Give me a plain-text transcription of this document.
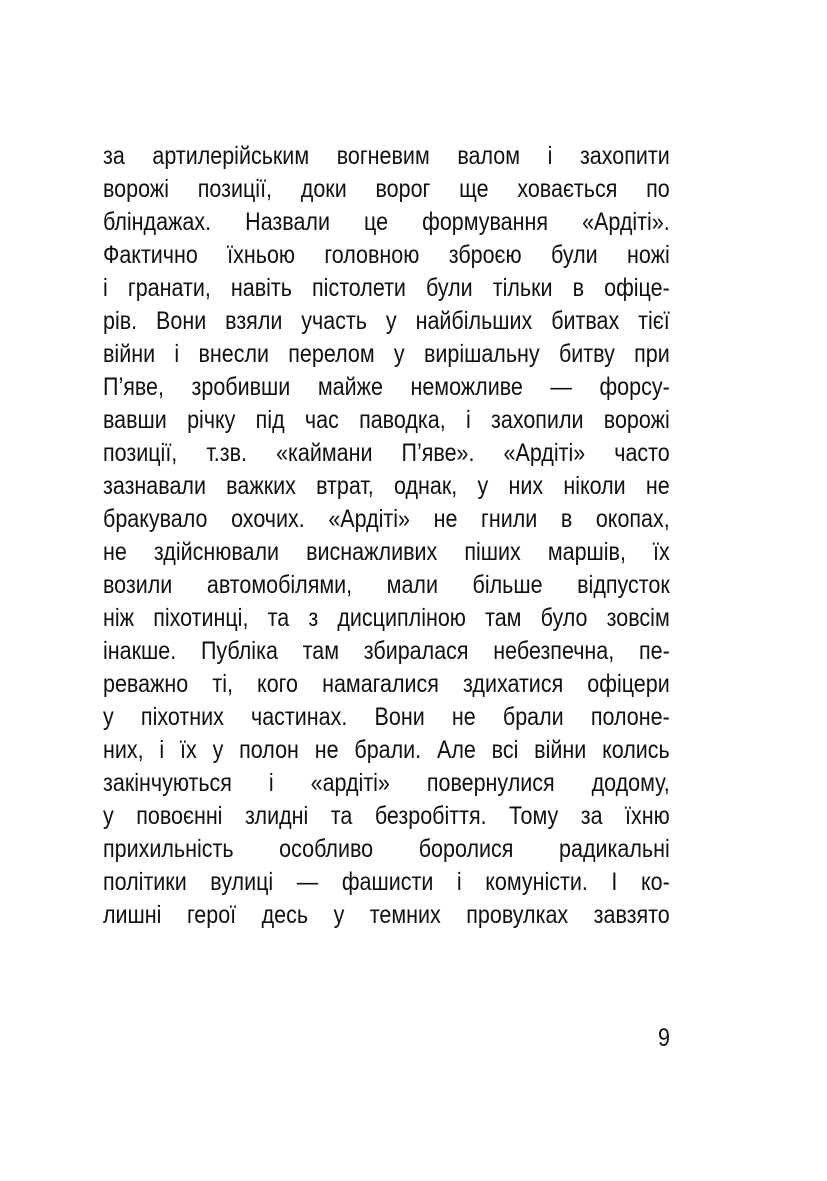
за артилерійським вогневим валом і захопити
ворожі позиції, доки ворог ще ховається по
бліндажах. Назвали це формування «Ардіті».
Фактично їхньою головною зброєю були ножі
і гранати, навіть пістолети були тільки в офіце-
рів. Вони взяли участь у найбільших битвах тієї
війни і внесли перелом у вирішальну битву при
П’яве, зробивши майже неможливе — форсу-
вавши річку під час паводка, і захопили ворожі
позиції, т.зв. «каймани П’яве». «Ардіті» часто
зазнавали важких втрат, однак, у них ніколи не
бракувало охочих. «Ардіті» не гнили в окопах,
не здійснювали виснажливих піших маршів, їх
возили автомобілями, мали більше відпусток
ніж піхотинці, та з дисципліною там було зовсім
інакше. Публіка там збиралася небезпечна, пе-
реважно ті, кого намагалися здихатися офіцери
у піхотних частинах. Вони не брали полоне-
них, і їх у полон не брали. Але всі війни колись
закінчуються і «ардіті» повернулися додому,
у повоєнні злидні та безробіття. Тому за їхню
прихильність особливо боролися радикальні
політики вулиці — фашисти і комуністи. І ко-
лишні герої десь у темних провулках завзято
9
